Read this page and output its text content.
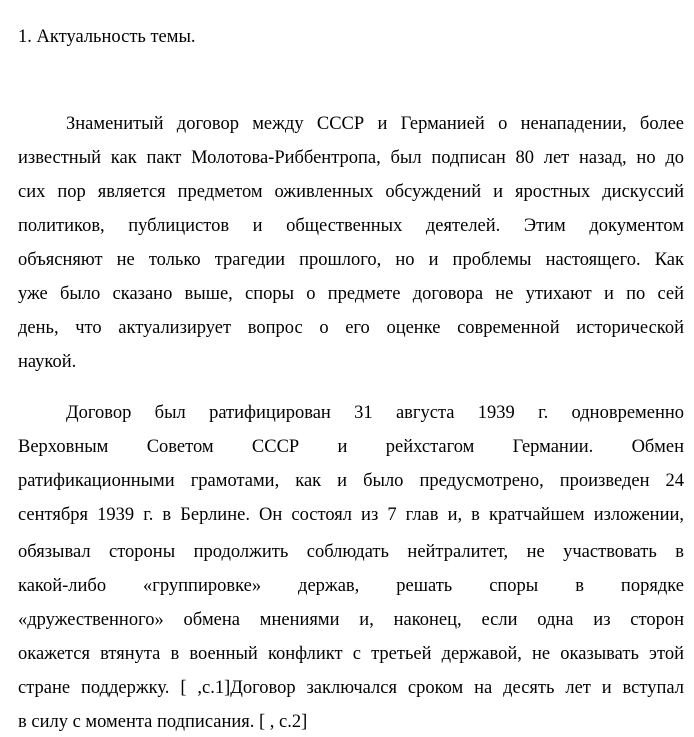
1. Актуальность темы.
Знаменитый договор между СССР и Германией о ненападении, более
известный как пакт Молотова-Риббентропа, был подписан 80 лет назад, но до
сих пор является предметом оживленных обсуждений и яростных дискуссий
политиков, публицистов и общественных деятелей. Этим документом
объясняют не только трагедии прошлого, но и проблемы настоящего. Как
уже было сказано выше, споры о предмете договора не утихают и по сей
день, что актуализирует вопрос о его оценке современной исторической
наукой.
Договор был ратифицирован 31 августа 1939 г. одновременно
Верховным Советом СССР и рейхстагом Германии. Обмен
ратификационными грамотами, как и было предусмотрено, произведен 24
сентября 1939 г. в Берлине. Он состоял из 7 глав и, в кратчайшем изложении,
обязывал стороны продолжить соблюдать нейтралитет, не участвовать в
какой-либо «группировке» держав, решать споры в порядке
«дружественного» обмена мнениями и, наконец, если одна из сторон
окажется втянута в военный конфликт с третьей державой, не оказывать этой
стране поддержку. [ ,с.1]Договор заключался сроком на десять лет и вступал
в силу с момента подписания. [ , с.2]
